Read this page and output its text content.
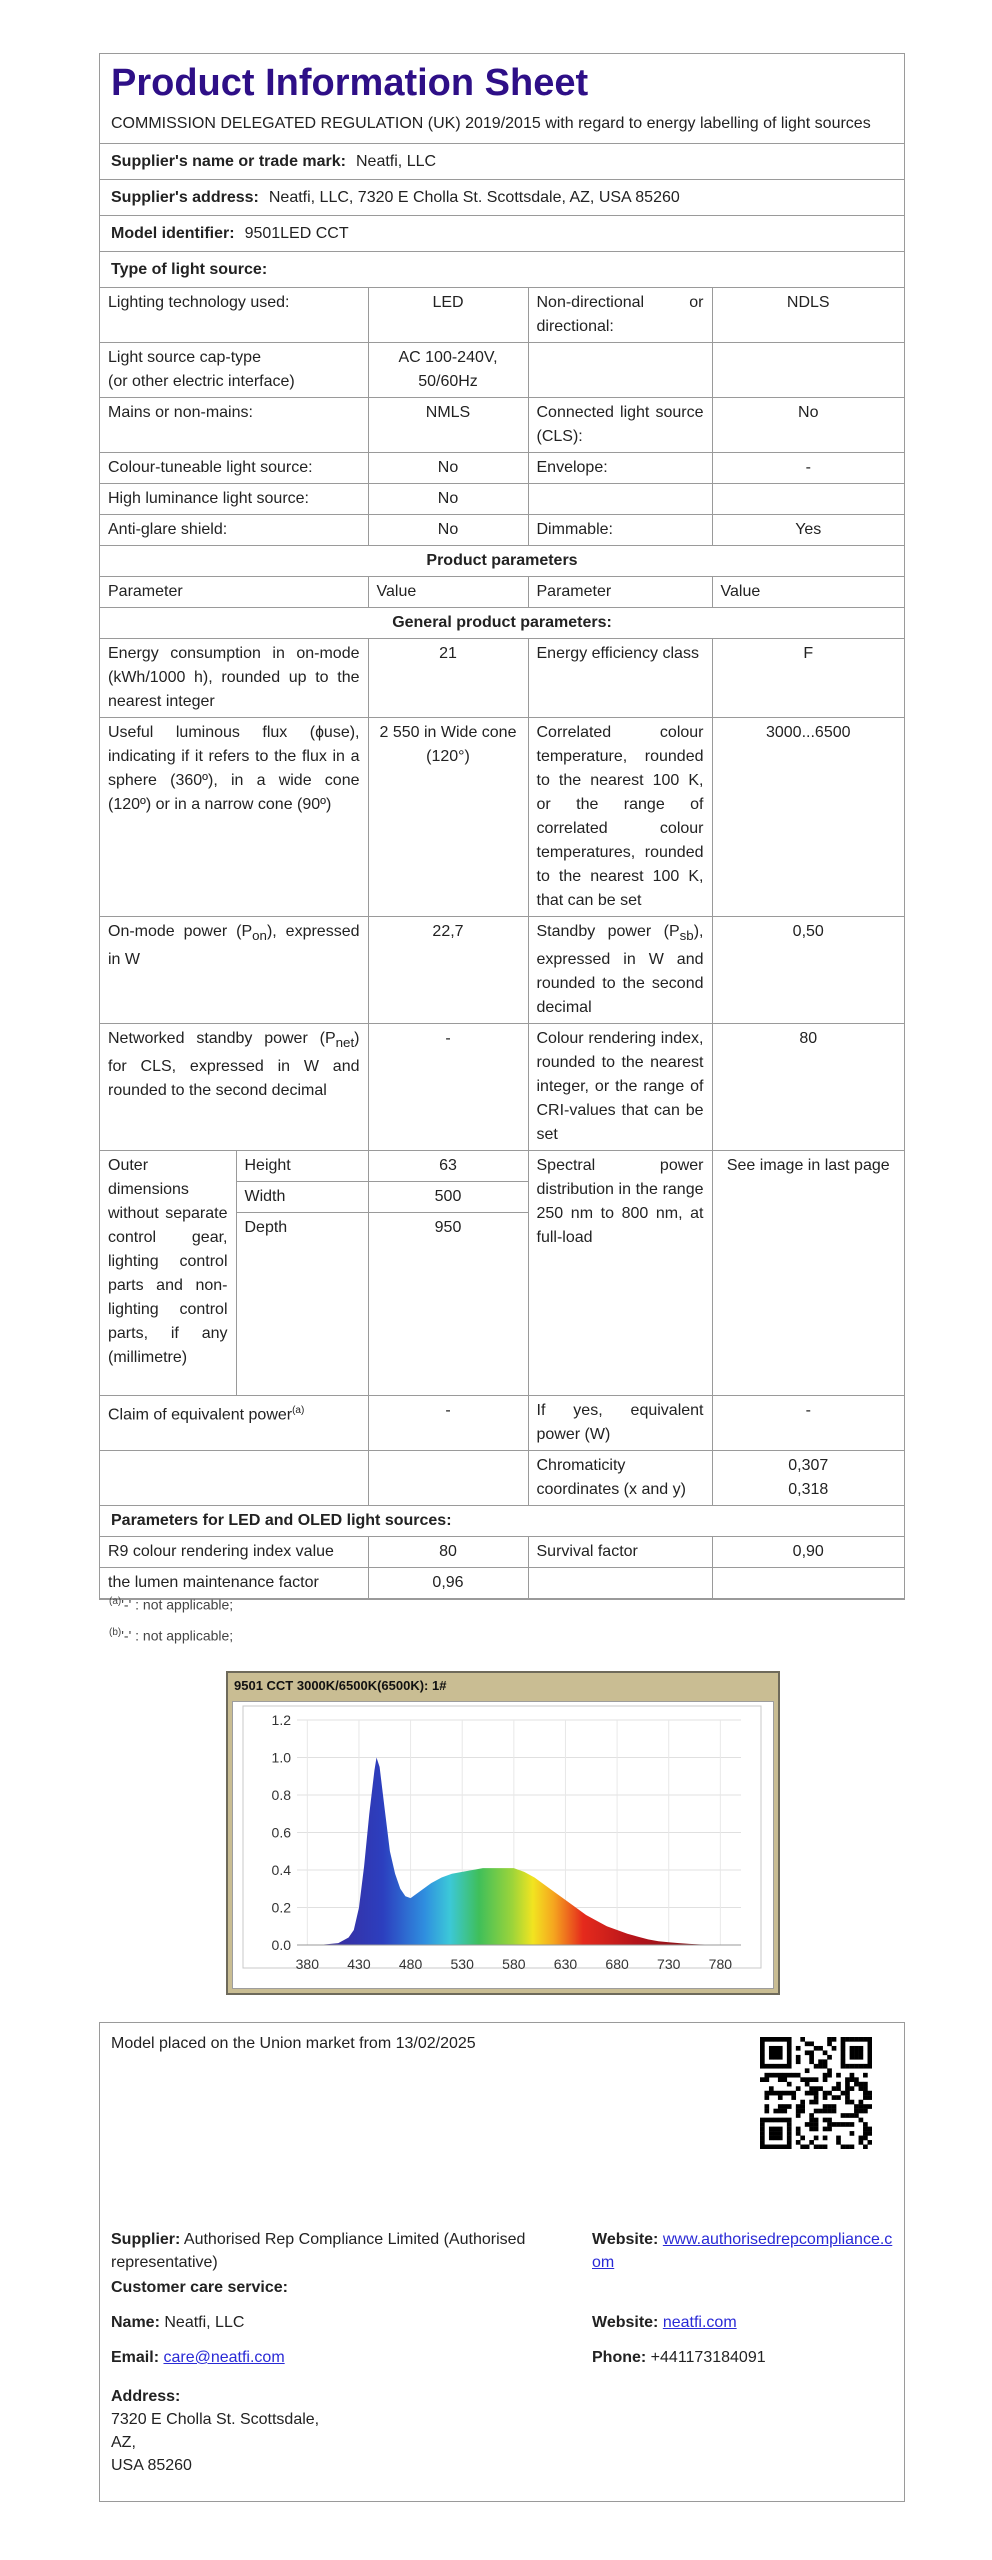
Product Information Sheet
COMMISSION DELEGATED REGULATION (UK) 2019/2015 with regard to energy labelling of light sources
Supplier's name or trade mark: Neatfi, LLC
Supplier's address: Neatfi, LLC, 7320 E Cholla St. Scottsdale, AZ, USA 85260
Model identifier: 9501LED CCT
Type of light source:
Lighting technology used:		LED	Non-directional or directional:	NDLS

Light source cap-type
(or other electric interface)		AC 100-240V, 50/60Hz		
Mains or non-mains:		NMLS	Connected light source (CLS):	No
Colour-tuneable light source:		No	Envelope:	-
High luminance light source:		No		
Anti-glare shield:		No	Dimmable:	Yes
Product parameters				
Parameter		Value	Parameter	Value
General product parameters:				
Energy consumption in on-mode (kWh/1000 h), rounded up to the nearest integer		21	Energy efficiency class	F
Useful luminous flux (ɸuse), indicating if it refers to the flux in a sphere (360º), in a wide cone (120º) or in a narrow cone (90º)		2 550 in Wide cone (120°)	Correlated colour temperature, rounded to the nearest 100 K, or the range of correlated colour temperatures, rounded to the nearest 100 K, that can be set	3000...6500
On-mode power $(P_{on})$, expressed in W		22,7	Standby power $(P_{sb})$, expressed in W and rounded to the second decimal	0,50
Networked standby power $(P_{net})$ for CLS, expressed in W and rounded to the second decimal		-	Colour rendering index, rounded to the nearest integer, or the range of CRI-values that can be set	80
Outer dimensions without separate control gear, lighting control parts and non-lighting control parts, if any (millimetre)	Height	63	Spectral power distribution in the range 250 nm to 800 nm, at full-load	See image in last page
	Width	500		
	Depth	950		
Claim of equivalent power$^{(a)}$		-	If yes, equivalent power (W)	-
			Chromaticity coordinates (x and y)	0,307
0,318

Parameters for LED and OLED light sources:				
R9 colour rendering index value		80	Survival factor	0,90
the lumen maintenance factor		0,96		
$^{(a)}$'-' : not applicable;
$^{(b)}$'-' : not applicable;
9501 CCT 3000K/6500K(6500K): 1#
0.0
0.2
0.4
0.6
0.8
1.0
1.2
380 430 480 530 580 630 680 730 780
Model placed on the Union market from 13/02/2025
Supplier: Authorised Rep Compliance Limited (Authorised representative)
Website: www.authorisedrepcompliance.com
Customer care service:
Name: Neatfi, LLC	Website: neatfi.com
Email: care@neatfi.com	Phone: +441173184091
Address:
7320 E Cholla St. Scottsdale,
AZ,
USA 85260
